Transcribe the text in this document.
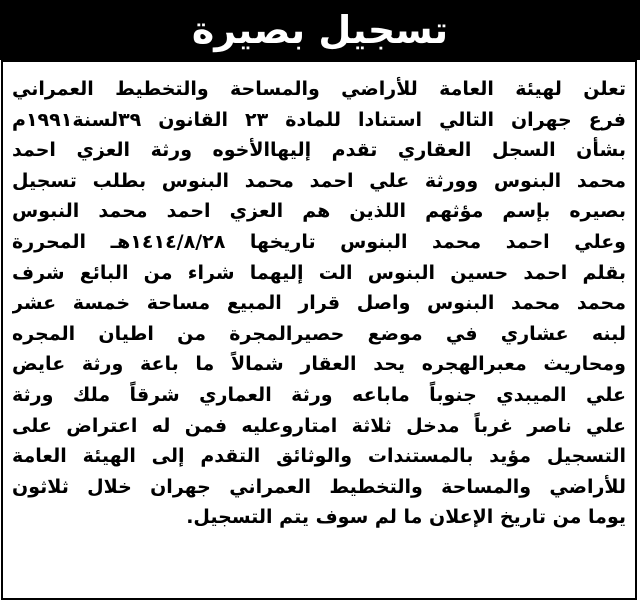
تسجيل بصيرة
تعلن لهيئة العامة للأراضي والمساحة والتخطيط العمراني
فرع جهران التالي استنادا للمادة ٢٣ القانون ٣٩لسنة١٩٩١م
بشأن السجل العقاري تقدم إليهاالأخوه ورثة العزي احمد
محمد البنوس وورثة علي احمد محمد البنوس بطلب تسجيل
بصيره بإسم مؤثهم اللذين هم العزي احمد محمد النبوس
وعلي احمد محمد البنوس تاريخها ١٤١٤/٨/٢٨هـ المحررة
بقلم احمد حسين البنوس الت إليهما شراء من البائع شرف
محمد محمد البنوس واصل قرار المبيع مساحة خمسة عشر
لبنه عشاري في موضع حصيرالمجرة من اطيان المجره
ومحاريث معبرالهجره يحد العقار شمالاً ما باعة ورثة عايض
علي الميبدي جنوباً ماباعه ورثة العماري شرقاً ملك ورثة
علي ناصر غرباً مدخل ثلاثة امتاروعليه فمن له اعتراض على
التسجيل مؤيد بالمستندات والوثائق التقدم إلى الهيئة العامة
للأراضي والمساحة والتخطيط العمراني جهران خلال ثلاثون
يوما من تاريخ الإعلان ما لم سوف يتم التسجيل.
